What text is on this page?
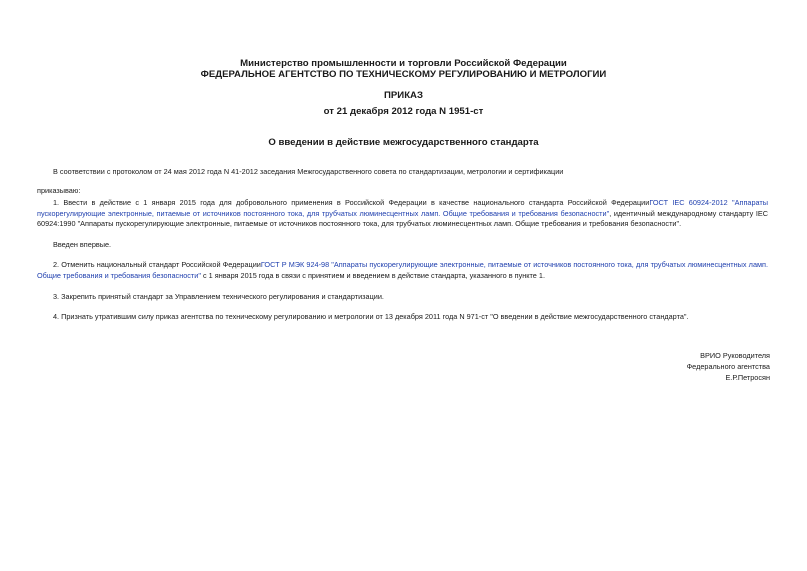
Министерство промышленности и торговли Российской Федерации
ФЕДЕРАЛЬНОЕ АГЕНТСТВО ПО ТЕХНИЧЕСКОМУ РЕГУЛИРОВАНИЮ И МЕТРОЛОГИИ
ПРИКАЗ
от 21 декабря 2012 года N 1951-ст
О введении в действие межгосударственного стандарта
В соответствии с протоколом от 24 мая 2012 года N 41-2012 заседания Межгосударственного совета по стандартизации, метрологии и сертификации
приказываю:
1. Ввести в действие с 1 января 2015 года для добровольного применения в Российской Федерации в качестве национального стандарта Российской ФедерацииГОСТ IEC 60924-2012 "Аппараты пускорегулирующие электронные, питаемые от источников постоянного тока, для трубчатых люминесцентных ламп. Общие требования и требования безопасности", идентичный международному стандарту IEC 60924:1990 "Аппараты пускорегулирующие электронные, питаемые от источников постоянного тока, для трубчатых люминесцентных ламп. Общие требования и требования безопасности".
Введен впервые.
2. Отменить национальный стандарт Российской ФедерацииГОСТ Р МЭК 924-98 "Аппараты пускорегулирующие электронные, питаемые от источников постоянного тока, для трубчатых люминесцентных ламп. Общие требования и требования безопасности" с 1 января 2015 года в связи с принятием и введением в действие стандарта, указанного в пункте 1.
3. Закрепить принятый стандарт за Управлением технического регулирования и стандартизации.
4. Признать утратившим силу приказ агентства по техническому регулированию и метрологии от 13 декабря 2011 года N 971-ст "О введении в действие межгосударственного стандарта".
ВРИО Руководителя
Федерального агентства
Е.Р.Петросян
